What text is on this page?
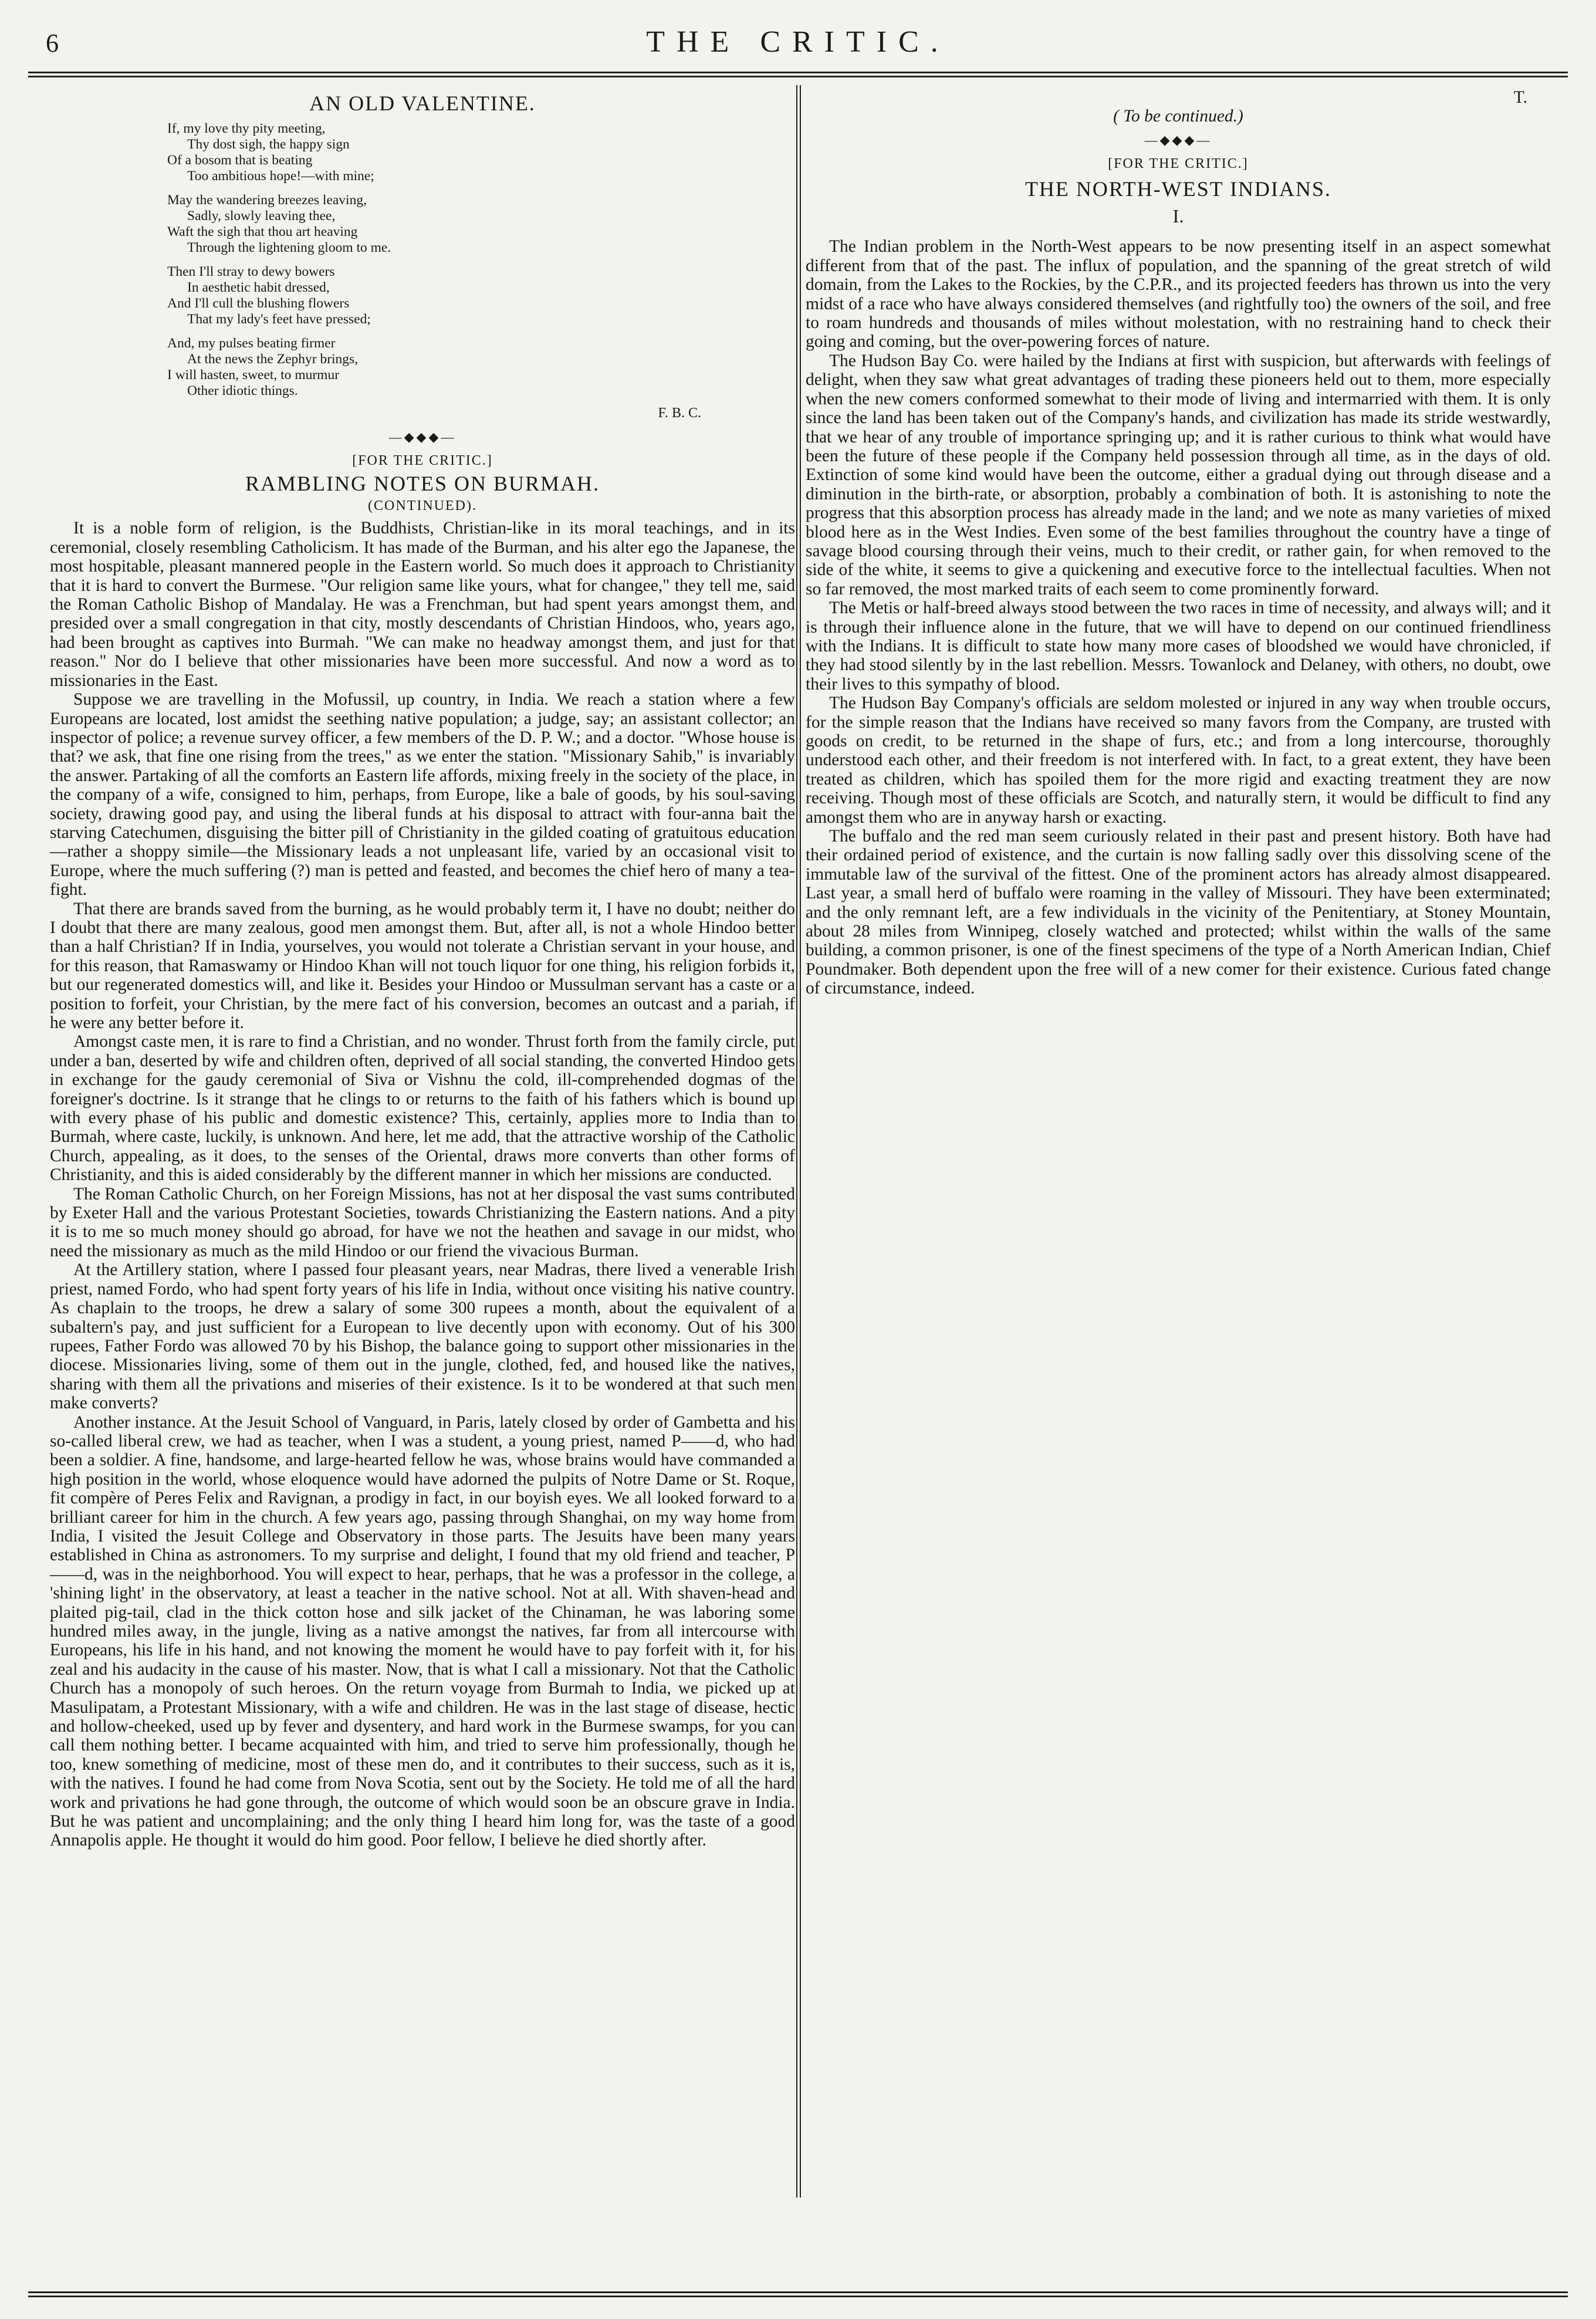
6	THE CRITIC.
AN OLD VALENTINE.
If, my love thy pity meeting,
Thy dost sigh, the happy sign
Of a bosom that is beating
Too ambitious hope!—with mine;
May the wandering breezes leaving,
Sadly, slowly leaving thee,
Waft the sigh that thou art heaving
Through the lightening gloom to me.
Then I'll stray to dewy bowers
In aesthetic habit dressed,
And I'll cull the blushing flowers
That my lady's feet have pressed;
And, my pulses beating firmer
At the news the Zephyr brings,
I will hasten, sweet, to murmur
Other idiotic things.
F. B. C.
—◆◆◆—
[FOR THE CRITIC.]
RAMBLING NOTES ON BURMAH.
(CONTINUED).

It is a noble form of religion, is the Buddhists, Christian-like in its moral teachings, and in its ceremonial, closely resembling Catholicism. It has made of the Burman, and his alter ego the Japanese, the most hospitable, pleasant mannered people in the Eastern world. So much does it approach to Christianity that it is hard to convert the Burmese. "Our religion same like yours, what for changee," they tell me, said the Roman Catholic Bishop of Mandalay. He was a Frenchman, but had spent years amongst them, and presided over a small congregation in that city, mostly descendants of Christian Hindoos, who, years ago, had been brought as captives into Burmah. "We can make no headway amongst them, and just for that reason." Nor do I believe that other missionaries have been more successful. And now a word as to missionaries in the East.

Suppose we are travelling in the Mofussil, up country, in India. We reach a station where a few Europeans are located, lost amidst the seething native population; a judge, say; an assistant collector; an inspector of police; a revenue survey officer, a few members of the D. P. W.; and a doctor. "Whose house is that? we ask, that fine one rising from the trees," as we enter the station. "Missionary Sahib," is invariably the answer. Partaking of all the comforts an Eastern life affords, mixing freely in the society of the place, in the company of a wife, consigned to him, perhaps, from Europe, like a bale of goods, by his soul-saving society, drawing good pay, and using the liberal funds at his disposal to attract with four-anna bait the starving Catechumen, disguising the bitter pill of Christianity in the gilded coating of gratuitous education—rather a shoppy simile—the Missionary leads a not unpleasant life, varied by an occasional visit to Europe, where the much suffering (?) man is petted and feasted, and becomes the chief hero of many a tea-fight.

That there are brands saved from the burning, as he would probably term it, I have no doubt; neither do I doubt that there are many zealous, good men amongst them. But, after all, is not a whole Hindoo better than a half Christian? If in India, yourselves, you would not tolerate a Christian servant in your house, and for this reason, that Ramaswamy or Hindoo Khan will not touch liquor for one thing, his religion forbids it, but our regenerated domestics will, and like it. Besides your Hindoo or Mussulman servant has a caste or a position to forfeit, your Christian, by the mere fact of his conversion, becomes an outcast and a pariah, if he were any better before it.

Amongst caste men, it is rare to find a Christian, and no wonder. Thrust forth from the family circle, put under a ban, deserted by wife and children often, deprived of all social standing, the converted Hindoo gets in exchange for the gaudy ceremonial of Siva or Vishnu the cold, ill-comprehended dogmas of the foreigner's doctrine. Is it strange that he clings to or returns to the faith of his fathers which is bound up with every phase of his public and domestic existence? This, certainly, applies more to India than to Burmah, where caste, luckily, is unknown. And here, let me add, that the attractive worship of the Catholic Church, appealing, as it does, to the senses of the Oriental, draws more converts than other forms of Christianity, and this is aided considerably by the different manner in which her missions are conducted.

The Roman Catholic Church, on her Foreign Missions, has not at her disposal the vast sums contributed by Exeter Hall and the various Protestant Societies, towards Christianizing the Eastern nations. And a pity it is to me so much money should go abroad, for have we not the heathen and savage in our midst, who need the missionary as much as the mild Hindoo or our friend the vivacious Burman.

At the Artillery station, where I passed four pleasant years, near Madras, there lived a venerable Irish priest, named Fordo, who had spent forty years of his life in India, without once visiting his native country. As chaplain to the troops, he drew a salary of some 300 rupees a month, about the equivalent of a subaltern's pay, and just sufficient for a European to live decently upon with economy. Out of his 300 rupees, Father Fordo was allowed 70 by his Bishop, the balance going to support other missionaries in the diocese. Missionaries living, some of them out in the jungle, clothed, fed, and housed like the natives, sharing with them all the privations and miseries of their existence. Is it to be wondered at that such men make converts?

Another instance. At the Jesuit School of Vanguard, in Paris, lately closed by order of Gambetta and his so-called liberal crew, we had as teacher, when I was a student, a young priest, named P——d, who had been a soldier. A fine, handsome, and large-hearted fellow he was, whose brains would have commanded a high position in the world, whose eloquence would have adorned the pulpits of Notre Dame or St. Roque, fit compère of Peres Felix and Ravignan, a prodigy in fact, in our boyish eyes. We all looked forward to a brilliant career for him in the church. A few years ago, passing through Shanghai, on my way home from India, I visited the Jesuit College and Observatory in those parts. The Jesuits have been many years established in China as astronomers. To my surprise and delight, I found that my old friend and teacher, P——d, was in the neighborhood. You will expect to hear, perhaps, that he was a professor in the college, a 'shining light' in the observatory, at least a teacher in the native school. Not at all. With shaven-head and plaited pig-tail, clad in the thick cotton hose and silk jacket of the Chinaman, he was laboring some hundred miles away, in the jungle, living as a native amongst the natives, far from all intercourse with Europeans, his life in his hand, and not knowing the moment he would have to pay forfeit with it, for his zeal and his audacity in the cause of his master. Now, that is what I call a missionary. Not that the Catholic Church has a monopoly of such heroes. On the return voyage from Burmah to India, we picked up at Masulipatam, a Protestant Missionary, with a wife and children. He was in the last stage of disease, hectic and hollow-cheeked, used up by fever and dysentery, and hard work in the Burmese swamps, for you can call them nothing better. I became acquainted with him, and tried to serve him professionally, though he too, knew something of medicine, most of these men do, and it contributes to their success, such as it is, with the natives. I found he had come from Nova Scotia, sent out by the Society. He told me of all the hard work and privations he had gone through, the outcome of which would soon be an obscure grave in India. But he was patient and uncomplaining; and the only thing I heard him long for, was the taste of a good Annapolis apple. He thought it would do him good. Poor fellow, I believe he died shortly after.

T.
( To be continued.)
—◆◆◆—
[FOR THE CRITIC.]
THE NORTH-WEST INDIANS.
I.

The Indian problem in the North-West appears to be now presenting itself in an aspect somewhat different from that of the past. The influx of population, and the spanning of the great stretch of wild domain, from the Lakes to the Rockies, by the C.P.R., and its projected feeders has thrown us into the very midst of a race who have always considered themselves (and rightfully too) the owners of the soil, and free to roam hundreds and thousands of miles without molestation, with no restraining hand to check their going and coming, but the over-powering forces of nature.

The Hudson Bay Co. were hailed by the Indians at first with suspicion, but afterwards with feelings of delight, when they saw what great advantages of trading these pioneers held out to them, more especially when the new comers conformed somewhat to their mode of living and intermarried with them. It is only since the land has been taken out of the Company's hands, and civilization has made its stride westwardly, that we hear of any trouble of importance springing up; and it is rather curious to think what would have been the future of these people if the Company held possession through all time, as in the days of old. Extinction of some kind would have been the outcome, either a gradual dying out through disease and a diminution in the birth-rate, or absorption, probably a combination of both. It is astonishing to note the progress that this absorption process has already made in the land; and we note as many varieties of mixed blood here as in the West Indies. Even some of the best families throughout the country have a tinge of savage blood coursing through their veins, much to their credit, or rather gain, for when removed to the side of the white, it seems to give a quickening and executive force to the intellectual faculties. When not so far removed, the most marked traits of each seem to come prominently forward.

The Metis or half-breed always stood between the two races in time of necessity, and always will; and it is through their influence alone in the future, that we will have to depend on our continued friendliness with the Indians. It is difficult to state how many more cases of bloodshed we would have chronicled, if they had stood silently by in the last rebellion. Messrs. Towanlock and Delaney, with others, no doubt, owe their lives to this sympathy of blood.

The Hudson Bay Company's officials are seldom molested or injured in any way when trouble occurs, for the simple reason that the Indians have received so many favors from the Company, are trusted with goods on credit, to be returned in the shape of furs, etc.; and from a long intercourse, thoroughly understood each other, and their freedom is not interfered with. In fact, to a great extent, they have been treated as children, which has spoiled them for the more rigid and exacting treatment they are now receiving. Though most of these officials are Scotch, and naturally stern, it would be difficult to find any amongst them who are in anyway harsh or exacting.

The buffalo and the red man seem curiously related in their past and present history. Both have had their ordained period of existence, and the curtain is now falling sadly over this dissolving scene of the immutable law of the survival of the fittest. One of the prominent actors has already almost disappeared. Last year, a small herd of buffalo were roaming in the valley of Missouri. They have been exterminated; and the only remnant left, are a few individuals in the vicinity of the Penitentiary, at Stoney Mountain, about 28 miles from Winnipeg, closely watched and protected; whilst within the walls of the same building, a common prisoner, is one of the finest specimens of the type of a North American Indian, Chief Poundmaker. Both dependent upon the free will of a new comer for their existence. Curious fated change of circumstance, indeed.
